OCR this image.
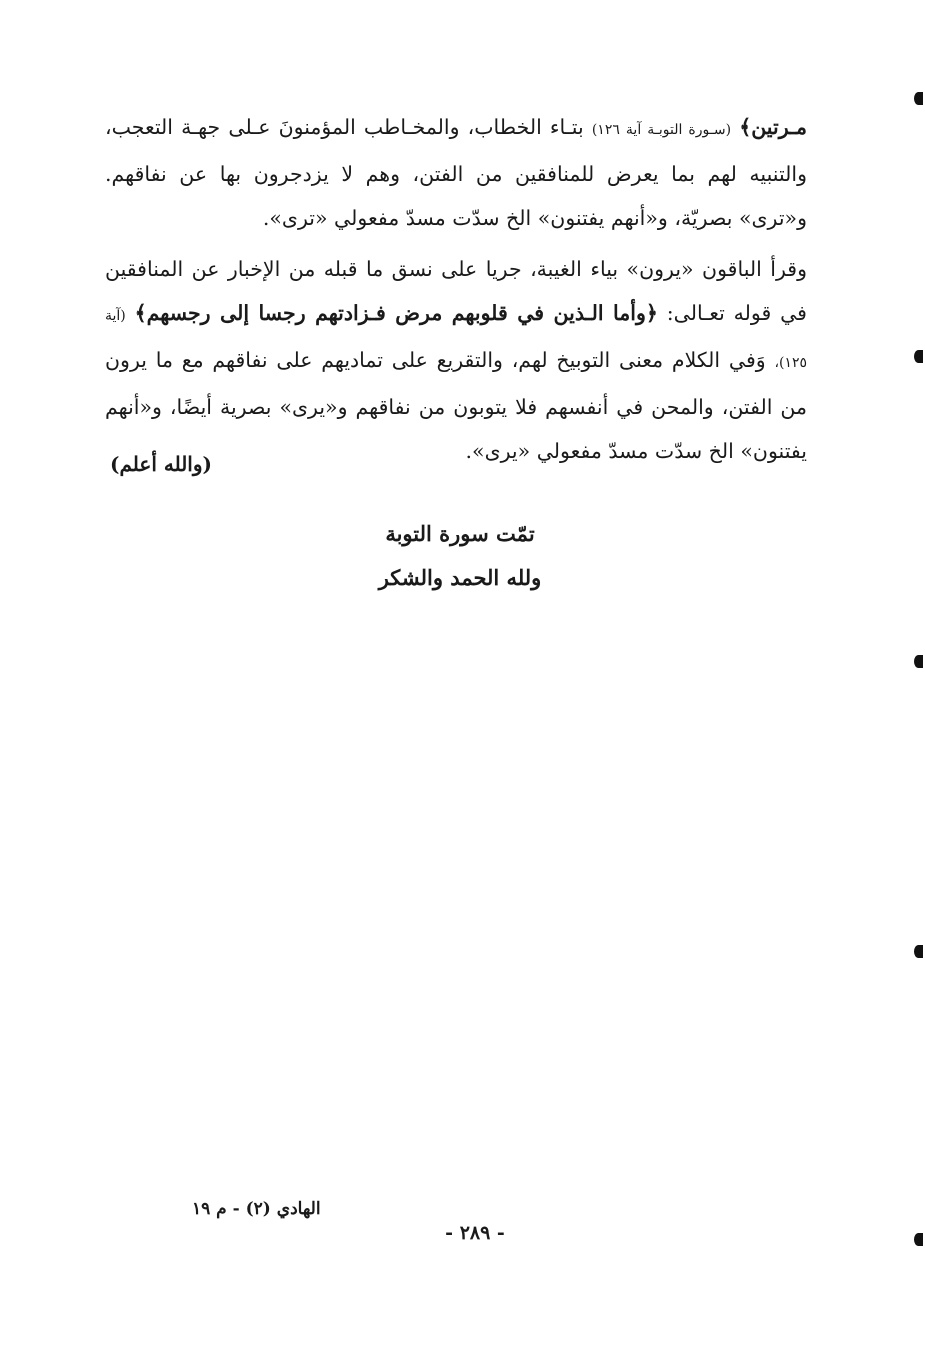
مـرتين﴾ (سـورة التوبـة آية ١٢٦) بتـاء الخطاب، والمخـاطب المؤمنونَ عـلى جهـة التعجب، والتنبيه لهم بما يعرض للمنافقين من الفتن، وهم لا يزدجرون بها عن نفاقهم. و«ترى» بصريّة، و«أنهم يفتنون» الخ سدّت مسدّ مفعولي «ترى».

وقرأ الباقون «يرون» بياء الغيبة، جريا على نسق ما قبله من الإخبار عن المنافقين في قوله تعـالى: ﴿وأما الـذين في قلوبهم مرض فـزادتهم رجسا إلى رجسهم﴾ (آية ١٢٥)، وَفي الكلام معنى التوبيخ لهم، والتقريع على تماديهم على نفاقهم مع ما يرون من الفتن، والمحن في أنفسهم فلا يتوبون من نفاقهم و«يرى» بصرية أيضًا، و«أنهم يفتنون» الخ سدّت مسدّ مفعولي «يرى».

(والله أعلم)
تمّت سورة التوبة
ولله الحمد والشكر
الهادي (٢) - م ١٩
- ٢٨٩ -
